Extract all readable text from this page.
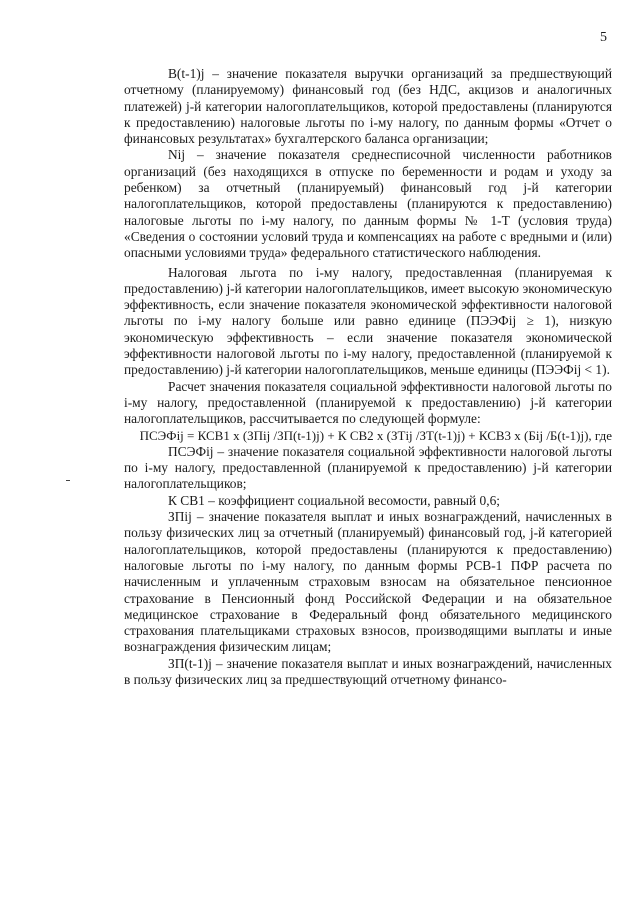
5

В(t-1)j – значение показателя выручки организаций за предшествующий отчетному (планируемому) финансовый год (без НДС, акцизов и аналогичных платежей) j-й категории налогоплательщиков, которой предоставлены (планируются к предоставлению) налоговые льготы по i-му налогу, по данным формы «Отчет о финансовых результатах» бухгалтерского баланса организации;

Nij – значение показателя среднесписочной численности работников организаций (без находящихся в отпуске по беременности и родам и уходу за ребенком) за отчетный (планируемый) финансовый год j-й категории налогоплательщиков, которой предоставлены (планируются к предоставлению) налоговые льготы по i-му налогу, по данным формы № 1-Т (условия труда) «Сведения о состоянии условий труда и компенсациях на работе с вредными и (или) опасными условиями труда» федерального статистического наблюдения.

Налоговая льгота по i-му налогу, предоставленная (планируемая к предоставлению) j-й категории налогоплательщиков, имеет высокую экономическую эффективность, если значение показателя экономической эффективности налоговой льготы по i-му налогу больше или равно единице (ПЭЭФij ≥ 1), низкую экономическую эффективность – если значение показателя экономической эффективности налоговой льготы по i-му налогу, предоставленной (планируемой к предоставлению) j-й категории налогоплательщиков, меньше единицы (ПЭЭФij < 1).

Расчет значения показателя социальной эффективности налоговой льготы по i-му налогу, предоставленной (планируемой к предоставлению) j-й категории налогоплательщиков, рассчитывается по следующей формуле:

ПСЭФij = КСВ1 х (ЗПij /ЗП(t-1)j) + К СВ2 х (ЗТij /ЗТ(t-1)j) + КСВ3 х (Бij /Б(t-1)j), где

ПСЭФij – значение показателя социальной эффективности налоговой льготы по i-му налогу, предоставленной (планируемой к предоставлению) j-й категории налогоплательщиков;

К СВ1 – коэффициент социальной весомости, равный 0,6;

ЗПij – значение показателя выплат и иных вознаграждений, начисленных в пользу физических лиц за отчетный (планируемый) финансовый год, j-й категорией налогоплательщиков, которой предоставлены (планируются к предоставлению) налоговые льготы по i-му налогу, по данным формы РСВ-1 ПФР расчета по начисленным и уплаченным страховым взносам на обязательное пенсионное страхование в Пенсионный фонд Российской Федерации и на обязательное медицинское страхование в Федеральный фонд обязательного медицинского страхования плательщиками страховых взносов, производящими выплаты и иные вознаграждения физическим лицам;

ЗП(t-1)j – значение показателя выплат и иных вознаграждений, начисленных в пользу физических лиц за предшествующий отчетному финансо-
